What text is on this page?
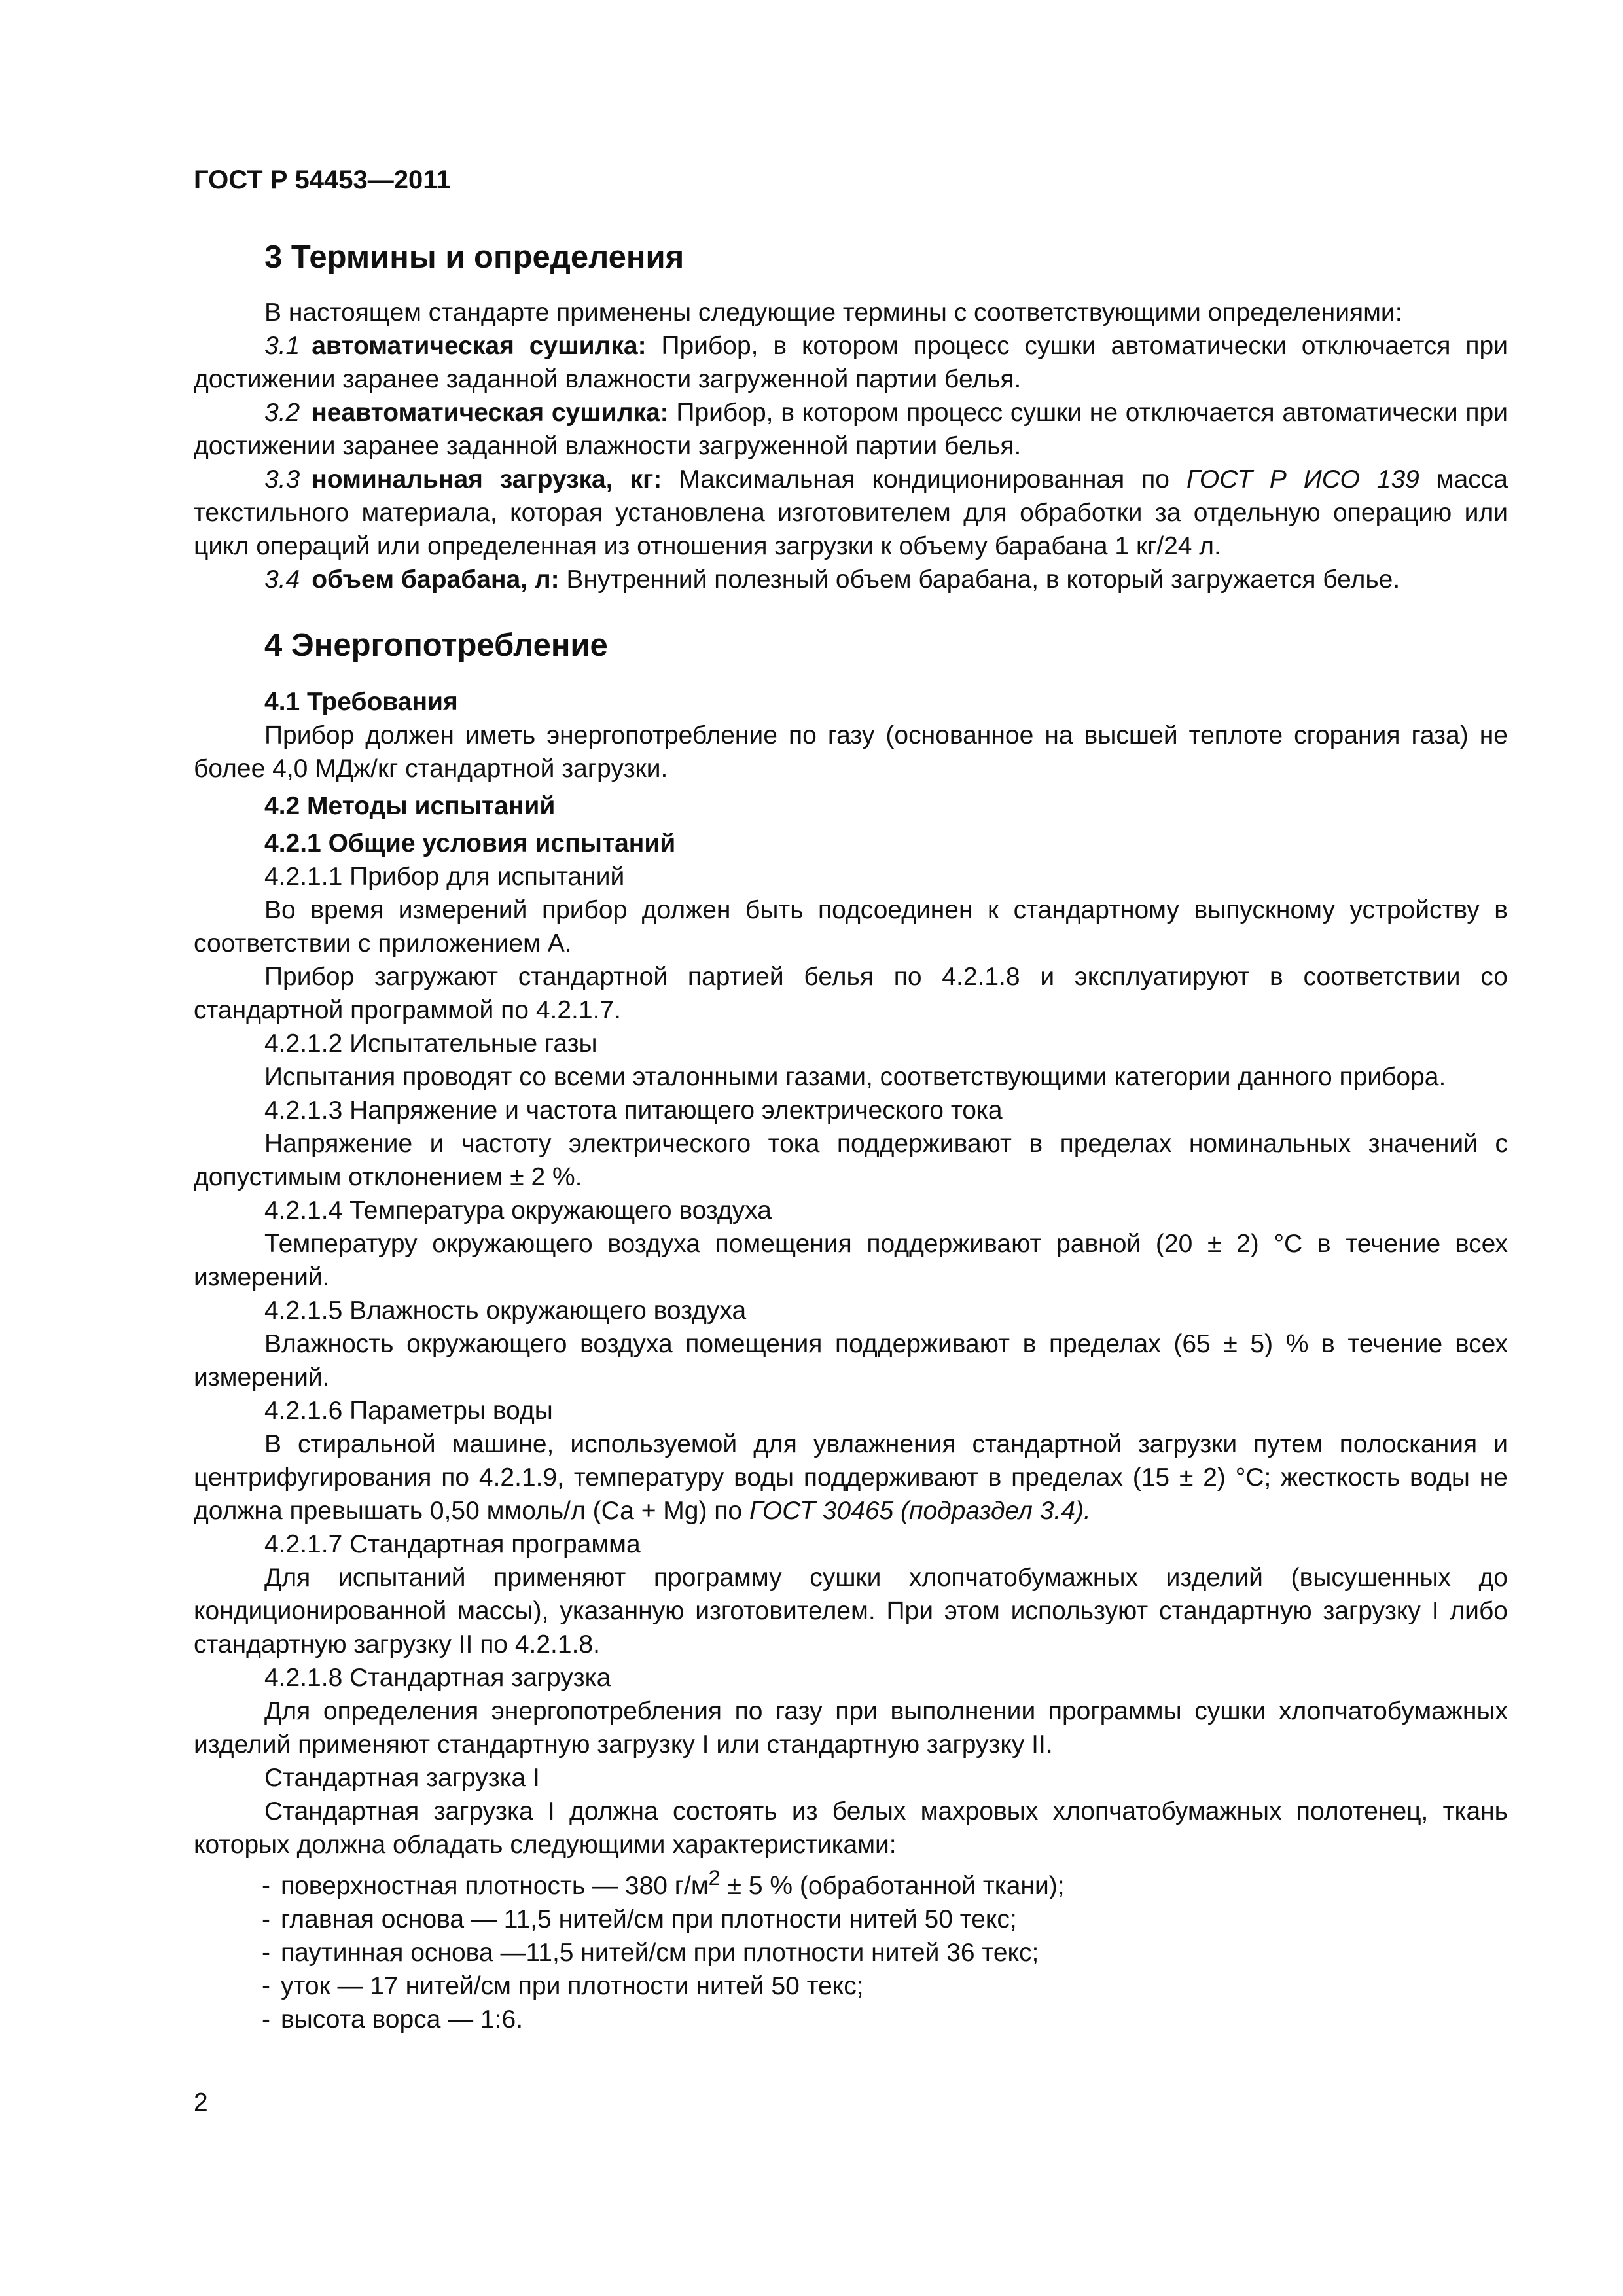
ГОСТ Р 54453—2011

3 Термины и определения

В настоящем стандарте применены следующие термины с соответствующими определениями:

3.1 автоматическая сушилка: Прибор, в котором процесс сушки автоматически отключается при достижении заранее заданной влажности загруженной партии белья.

3.2 неавтоматическая сушилка: Прибор, в котором процесс сушки не отключается автоматически при достижении заранее заданной влажности загруженной партии белья.

3.3 номинальная загрузка, кг: Максимальная кондиционированная по ГОСТ Р ИСО 139 масса текстильного материала, которая установлена изготовителем для обработки за отдельную операцию или цикл операций или определенная из отношения загрузки к объему барабана 1 кг/24 л.

3.4 объем барабана, л: Внутренний полезный объем барабана, в который загружается белье.

4 Энергопотребление

4.1 Требования

Прибор должен иметь энергопотребление по газу (основанное на высшей теплоте сгорания газа) не более 4,0 МДж/кг стандартной загрузки.

4.2 Методы испытаний

4.2.1 Общие условия испытаний

4.2.1.1 Прибор для испытаний

Во время измерений прибор должен быть подсоединен к стандартному выпускному устройству в соответствии с приложением А.

Прибор загружают стандартной партией белья по 4.2.1.8 и эксплуатируют в соответствии со стандартной программой по 4.2.1.7.

4.2.1.2 Испытательные газы

Испытания проводят со всеми эталонными газами, соответствующими категории данного прибора.

4.2.1.3 Напряжение и частота питающего электрического тока

Напряжение и частоту электрического тока поддерживают в пределах номинальных значений с допустимым отклонением ± 2 %.

4.2.1.4 Температура окружающего воздуха

Температуру окружающего воздуха помещения поддерживают равной (20 ± 2) °С в течение всех измерений.

4.2.1.5 Влажность окружающего воздуха

Влажность окружающего воздуха помещения поддерживают в пределах (65 ± 5) % в течение всех измерений.

4.2.1.6 Параметры воды

В стиральной машине, используемой для увлажнения стандартной загрузки путем полоскания и центрифугирования по 4.2.1.9, температуру воды поддерживают в пределах (15 ± 2) °С; жесткость воды не должна превышать 0,50 ммоль/л (Са + Mg) по ГОСТ 30465 (подраздел 3.4).

4.2.1.7 Стандартная программа

Для испытаний применяют программу сушки хлопчатобумажных изделий (высушенных до кондиционированной массы), указанную изготовителем. При этом используют стандартную загрузку I либо стандартную загрузку II по 4.2.1.8.

4.2.1.8 Стандартная загрузка

Для определения энергопотребления по газу при выполнении программы сушки хлопчатобумажных изделий применяют стандартную загрузку I или стандартную загрузку II.

Стандартная загрузка I

Стандартная загрузка I должна состоять из белых махровых хлопчатобумажных полотенец, ткань которых должна обладать следующими характеристиками:

- поверхностная плотность — 380 $г/м^2 \pm 5$ % (обработанной ткани);
- главная основа — 11,5 нитей/см при плотности нитей 50 текс;
- паутинная основа —11,5 нитей/см при плотности нитей 36 текс;
- уток — 17 нитей/см при плотности нитей 50 текс;
- высота ворса — 1:6.

2
